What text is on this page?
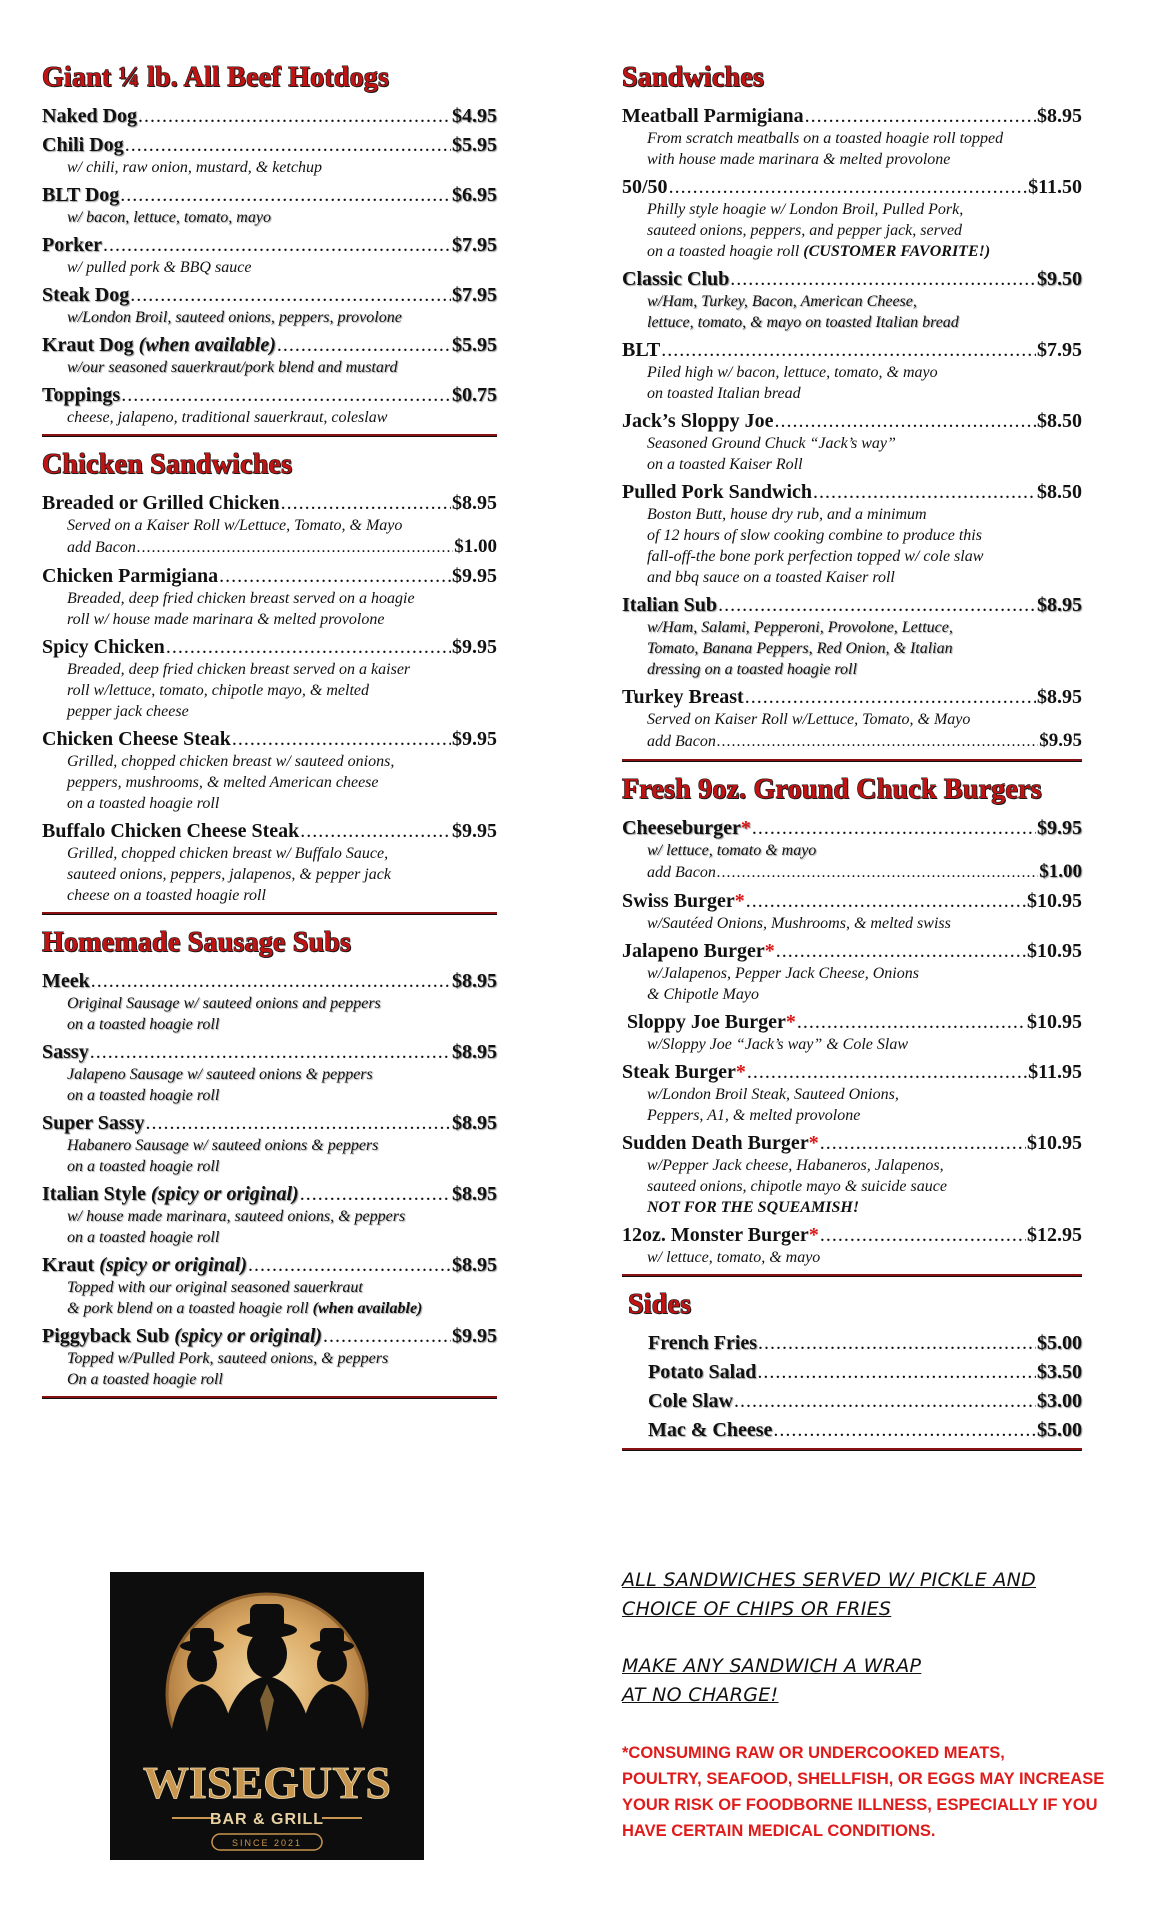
Giant ¼ lb. All Beef Hotdogs
Naked Dog .....	$4.95
Chili Dog .....	$5.95
w/ chili, raw onion, mustard, & ketchup
BLT Dog .....	$6.95
w/ bacon, lettuce, tomato, mayo
Porker .....	$7.95
w/ pulled pork & BBQ sauce
Steak Dog .....	$7.95
w/London Broil, sauteed onions, peppers, provolone
Kraut Dog (when available) .....	$5.95
w/our seasoned sauerkraut/pork blend and mustard
Toppings .....	$0.75
cheese, jalapeno, traditional sauerkraut, coleslaw
Chicken Sandwiches
Breaded or Grilled Chicken .....	$8.95
Served on a Kaiser Roll w/Lettuce, Tomato, & Mayo
add Bacon .....	$1.00
Chicken Parmigiana .....	$9.95
Breaded, deep fried chicken breast served on a hoagie
roll w/ house made marinara & melted provolone
Spicy Chicken .....	$9.95
Breaded, deep fried chicken breast served on a kaiser
roll w/lettuce, tomato, chipotle mayo, & melted
pepper jack cheese
Chicken Cheese Steak .....	$9.95
Grilled, chopped chicken breast w/ sauteed onions,
peppers, mushrooms, & melted American cheese
on a toasted hoagie roll
Buffalo Chicken Cheese Steak .....	$9.95
Grilled, chopped chicken breast w/ Buffalo Sauce,
sauteed onions, peppers, jalapenos, & pepper jack
cheese on a toasted hoagie roll
Homemade Sausage Subs
Meek .....	$8.95
Original Sausage w/ sauteed onions and peppers
on a toasted hoagie roll
Sassy .....	$8.95
Jalapeno Sausage w/ sauteed onions & peppers
on a toasted hoagie roll
Super Sassy .....	$8.95
Habanero Sausage w/ sauteed onions & peppers
on a toasted hoagie roll
Italian Style (spicy or original) .....	$8.95
w/ house made marinara, sauteed onions, & peppers
on a toasted hoagie roll
Kraut (spicy or original) .....	$8.95
Topped with our original seasoned sauerkraut
& pork blend on a toasted hoagie roll (when available)
Piggyback Sub (spicy or original) .....	$9.95
Topped w/Pulled Pork, sauteed onions, & peppers
On a toasted hoagie roll
Sandwiches
Meatball Parmigiana .....	$8.95
From scratch meatballs on a toasted hoagie roll topped
with house made marinara & melted provolone
50/50 .....	$11.50
Philly style hoagie w/ London Broil, Pulled Pork,
sauteed onions, peppers, and pepper jack, served
on a toasted hoagie roll (CUSTOMER FAVORITE!)
Classic Club .....	$9.50
w/Ham, Turkey, Bacon, American Cheese,
lettuce, tomato, & mayo on toasted Italian bread
BLT .....	$7.95
Piled high w/ bacon, lettuce, tomato, & mayo
on toasted Italian bread
Jack’s Sloppy Joe .....	$8.50
Seasoned Ground Chuck “Jack’s way”
on a toasted Kaiser Roll
Pulled Pork Sandwich .....	$8.50
Boston Butt, house dry rub, and a minimum
of 12 hours of slow cooking combine to produce this
fall-off-the bone pork perfection topped w/ cole slaw
and bbq sauce on a toasted Kaiser roll
Italian Sub .....	$8.95
w/Ham, Salami, Pepperoni, Provolone, Lettuce,
Tomato, Banana Peppers, Red Onion, & Italian
dressing on a toasted hoagie roll
Turkey Breast .....	$8.95
Served on Kaiser Roll w/Lettuce, Tomato, & Mayo
add Bacon .....	$9.95
Fresh 9oz. Ground Chuck Burgers
Cheeseburger* .....	$9.95
w/ lettuce, tomato & mayo
add Bacon .....	$1.00
Swiss Burger* .....	$10.95
w/Sautéed Onions, Mushrooms, & melted swiss
Jalapeno Burger* .....	$10.95
w/Jalapenos, Pepper Jack Cheese, Onions
& Chipotle Mayo
Sloppy Joe Burger* .....	$10.95
w/Sloppy Joe “Jack’s way” & Cole Slaw
Steak Burger* .....	$11.95
w/London Broil Steak, Sauteed Onions,
Peppers, A1, & melted provolone
Sudden Death Burger* .....	$10.95
w/Pepper Jack cheese, Habaneros, Jalapenos,
sauteed onions, chipotle mayo & suicide sauce
NOT FOR THE SQUEAMISH!
12oz. Monster Burger* .....	$12.95
w/ lettuce, tomato, & mayo
Sides
French Fries .....	$5.00
Potato Salad .....	$3.50
Cole Slaw .....	$3.00
Mac & Cheese .....	$5.00
ALL SANDWICHES SERVED W/ PICKLE AND
CHOICE OF CHIPS OR FRIES
MAKE ANY SANDWICH A WRAP
AT NO CHARGE!
*CONSUMING RAW OR UNDERCOOKED MEATS,
POULTRY, SEAFOOD, SHELLFISH, OR EGGS MAY INCREASE
YOUR RISK OF FOODBORNE ILLNESS, ESPECIALLY IF YOU
HAVE CERTAIN MEDICAL CONDITIONS.
WISEGUYS
BAR & GRILL
SINCE 2021
